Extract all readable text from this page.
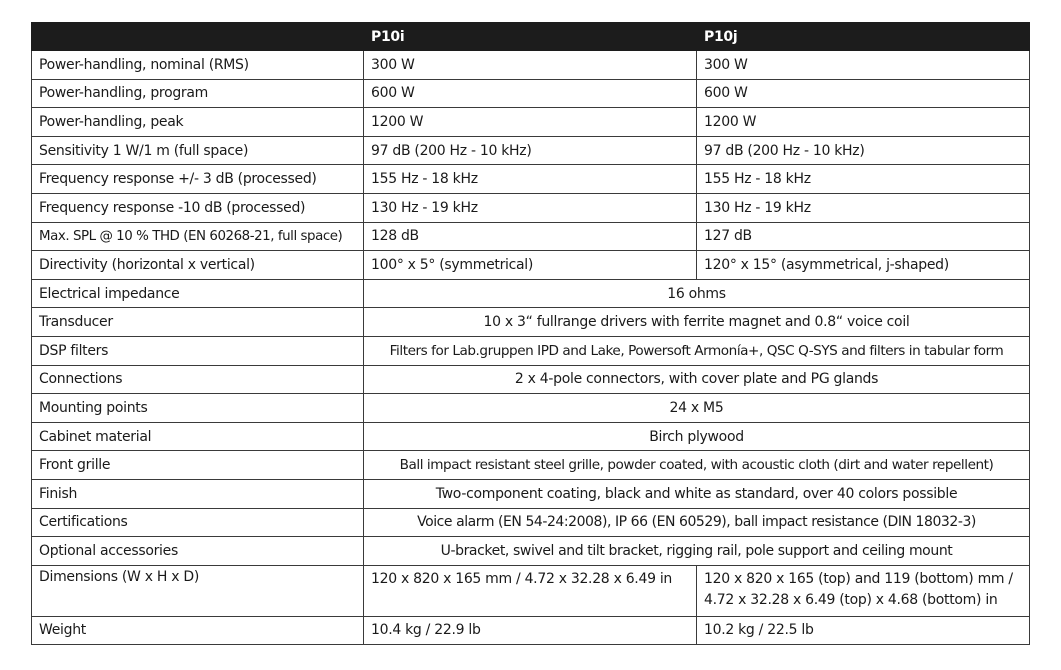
	P10i	P10j
Power-handling, nominal (RMS)	300 W	300 W
Power-handling, program	600 W	600 W
Power-handling, peak	1200 W	1200 W
Sensitivity 1 W/1 m (full space)	97 dB (200 Hz - 10 kHz)	97 dB (200 Hz - 10 kHz)
Frequency response +/- 3 dB (processed)	155 Hz - 18 kHz	155 Hz - 18 kHz
Frequency response -10 dB (processed)	130 Hz - 19 kHz	130 Hz - 19 kHz
Max. SPL @ 10 % THD (EN 60268-21, full space)	128 dB	127 dB
Directivity (horizontal x vertical)	100° x 5° (symmetrical)	120° x 15° (asymmetrical, j-shaped)
Electrical impedance	16 ohms	
Transducer	10 x 3“ fullrange drivers with ferrite magnet and 0.8“ voice coil	
DSP filters	Filters for Lab.gruppen IPD and Lake, Powersoft Armonía+, QSC Q-SYS and filters in tabular form	
Connections	2 x 4-pole connectors, with cover plate and PG glands	
Mounting points	24 x M5	
Cabinet material	Birch plywood	
Front grille	Ball impact resistant steel grille, powder coated, with acoustic cloth (dirt and water repellent)	
Finish	Two-component coating, black and white as standard, over 40 colors possible	
Certifications	Voice alarm (EN 54-24:2008), IP 66 (EN 60529), ball impact resistance (DIN 18032-3)	
Optional accessories	U-bracket, swivel and tilt bracket, rigging rail, pole support and ceiling mount	
Dimensions (W x H x D)	120 x 820 x 165 mm / 4.72 x 32.28 x 6.49 in	120 x 820 x 165 (top) and 119 (bottom) mm / 4.72 x 32.28 x 6.49 (top) x 4.68 (bottom) in
Weight	10.4 kg / 22.9 lb	10.2 kg / 22.5 lb
